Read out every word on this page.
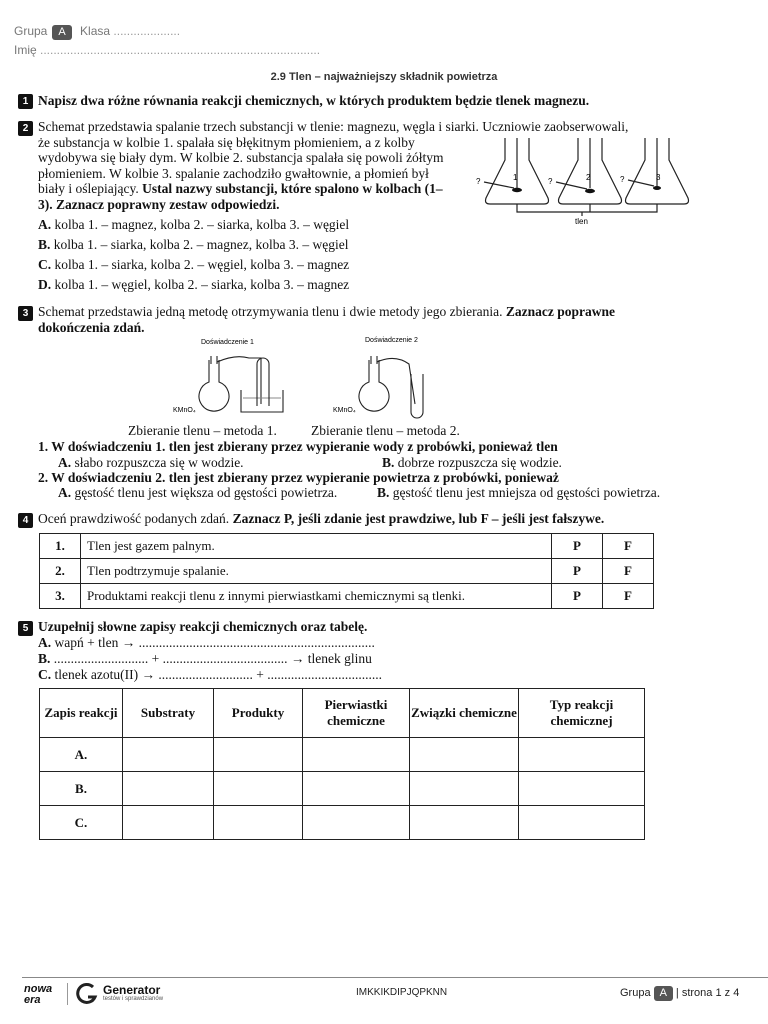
Grupa A Klasa ....................
Imię ....................................................................................
2.9 Tlen – najważniejszy składnik powietrza
1 Napisz dwa różne równania reakcji chemicznych, w których produktem będzie tlenek magnezu.
2 Schemat przedstawia spalanie trzech substancji w tlenie: magnezu, węgla i siarki. Uczniowie zaobserwowali,
że substancja w kolbie 1. spalała się błękitnym płomieniem, a z kolby
wydobywa się biały dym. W kolbie 2. substancja spalała się powoli żółtym
płomieniem. W kolbie 3. spalanie zachodziło gwałtownie, a płomień był
biały i oślepiający. Ustal nazwy substancji, które spalono w kolbach (1–
3). Zaznacz poprawny zestaw odpowiedzi.
A. kolba 1. – magnez, kolba 2. – siarka, kolba 3. – węgiel
B. kolba 1. – siarka, kolba 2. – magnez, kolba 3. – węgiel
C. kolba 1. – siarka, kolba 2. – węgiel, kolba 3. – magnez
D. kolba 1. – węgiel, kolba 2. – siarka, kolba 3. – magnez
?	?	?
1	2	3
tlen
3 Schemat przedstawia jedną metodę otrzymywania tlenu i dwie metody jego zbierania. Zaznacz poprawne
dokończenia zdań.
Doświadczenie 1	Doświadczenie 2
KMnO₄	KMnO₄
Zbieranie tlenu – metoda 1.	Zbieranie tlenu – metoda 2.
1. W doświadczeniu 1. tlen jest zbierany przez wypieranie wody z probówki, ponieważ tlen
A. słabo rozpuszcza się w wodzie.	B. dobrze rozpuszcza się wodzie.
2. W doświadczeniu 2. tlen jest zbierany przez wypieranie powietrza z probówki, ponieważ
A. gęstość tlenu jest większa od gęstości powietrza.	B. gęstość tlenu jest mniejsza od gęstości powietrza.
4 Oceń prawdziwość podanych zdań. Zaznacz P, jeśli zdanie jest prawdziwe, lub F – jeśli jest fałszywe.
1.	Tlen jest gazem palnym.	P	F
2.	Tlen podtrzymuje spalanie.	P	F
3.	Produktami reakcji tlenu z innymi pierwiastkami chemicznymi są tlenki.	P	F
5 Uzupełnij słowne zapisy reakcji chemicznych oraz tabelę.
A. wapń + tlen → ......................................................................
B. ............................ + ..................................... → tlenek glinu
C. tlenek azotu(II) → ............................ + ..................................
Zapis reakcji	Substraty	Produkty	Pierwiastki chemiczne	Związki chemiczne	Typ reakcji chemicznej
A.					
B.					
C.					
nowa era
Generator
testów i sprawdzianów
IMKKIKDIPJQPKNN	Grupa A | strona 1 z 4
